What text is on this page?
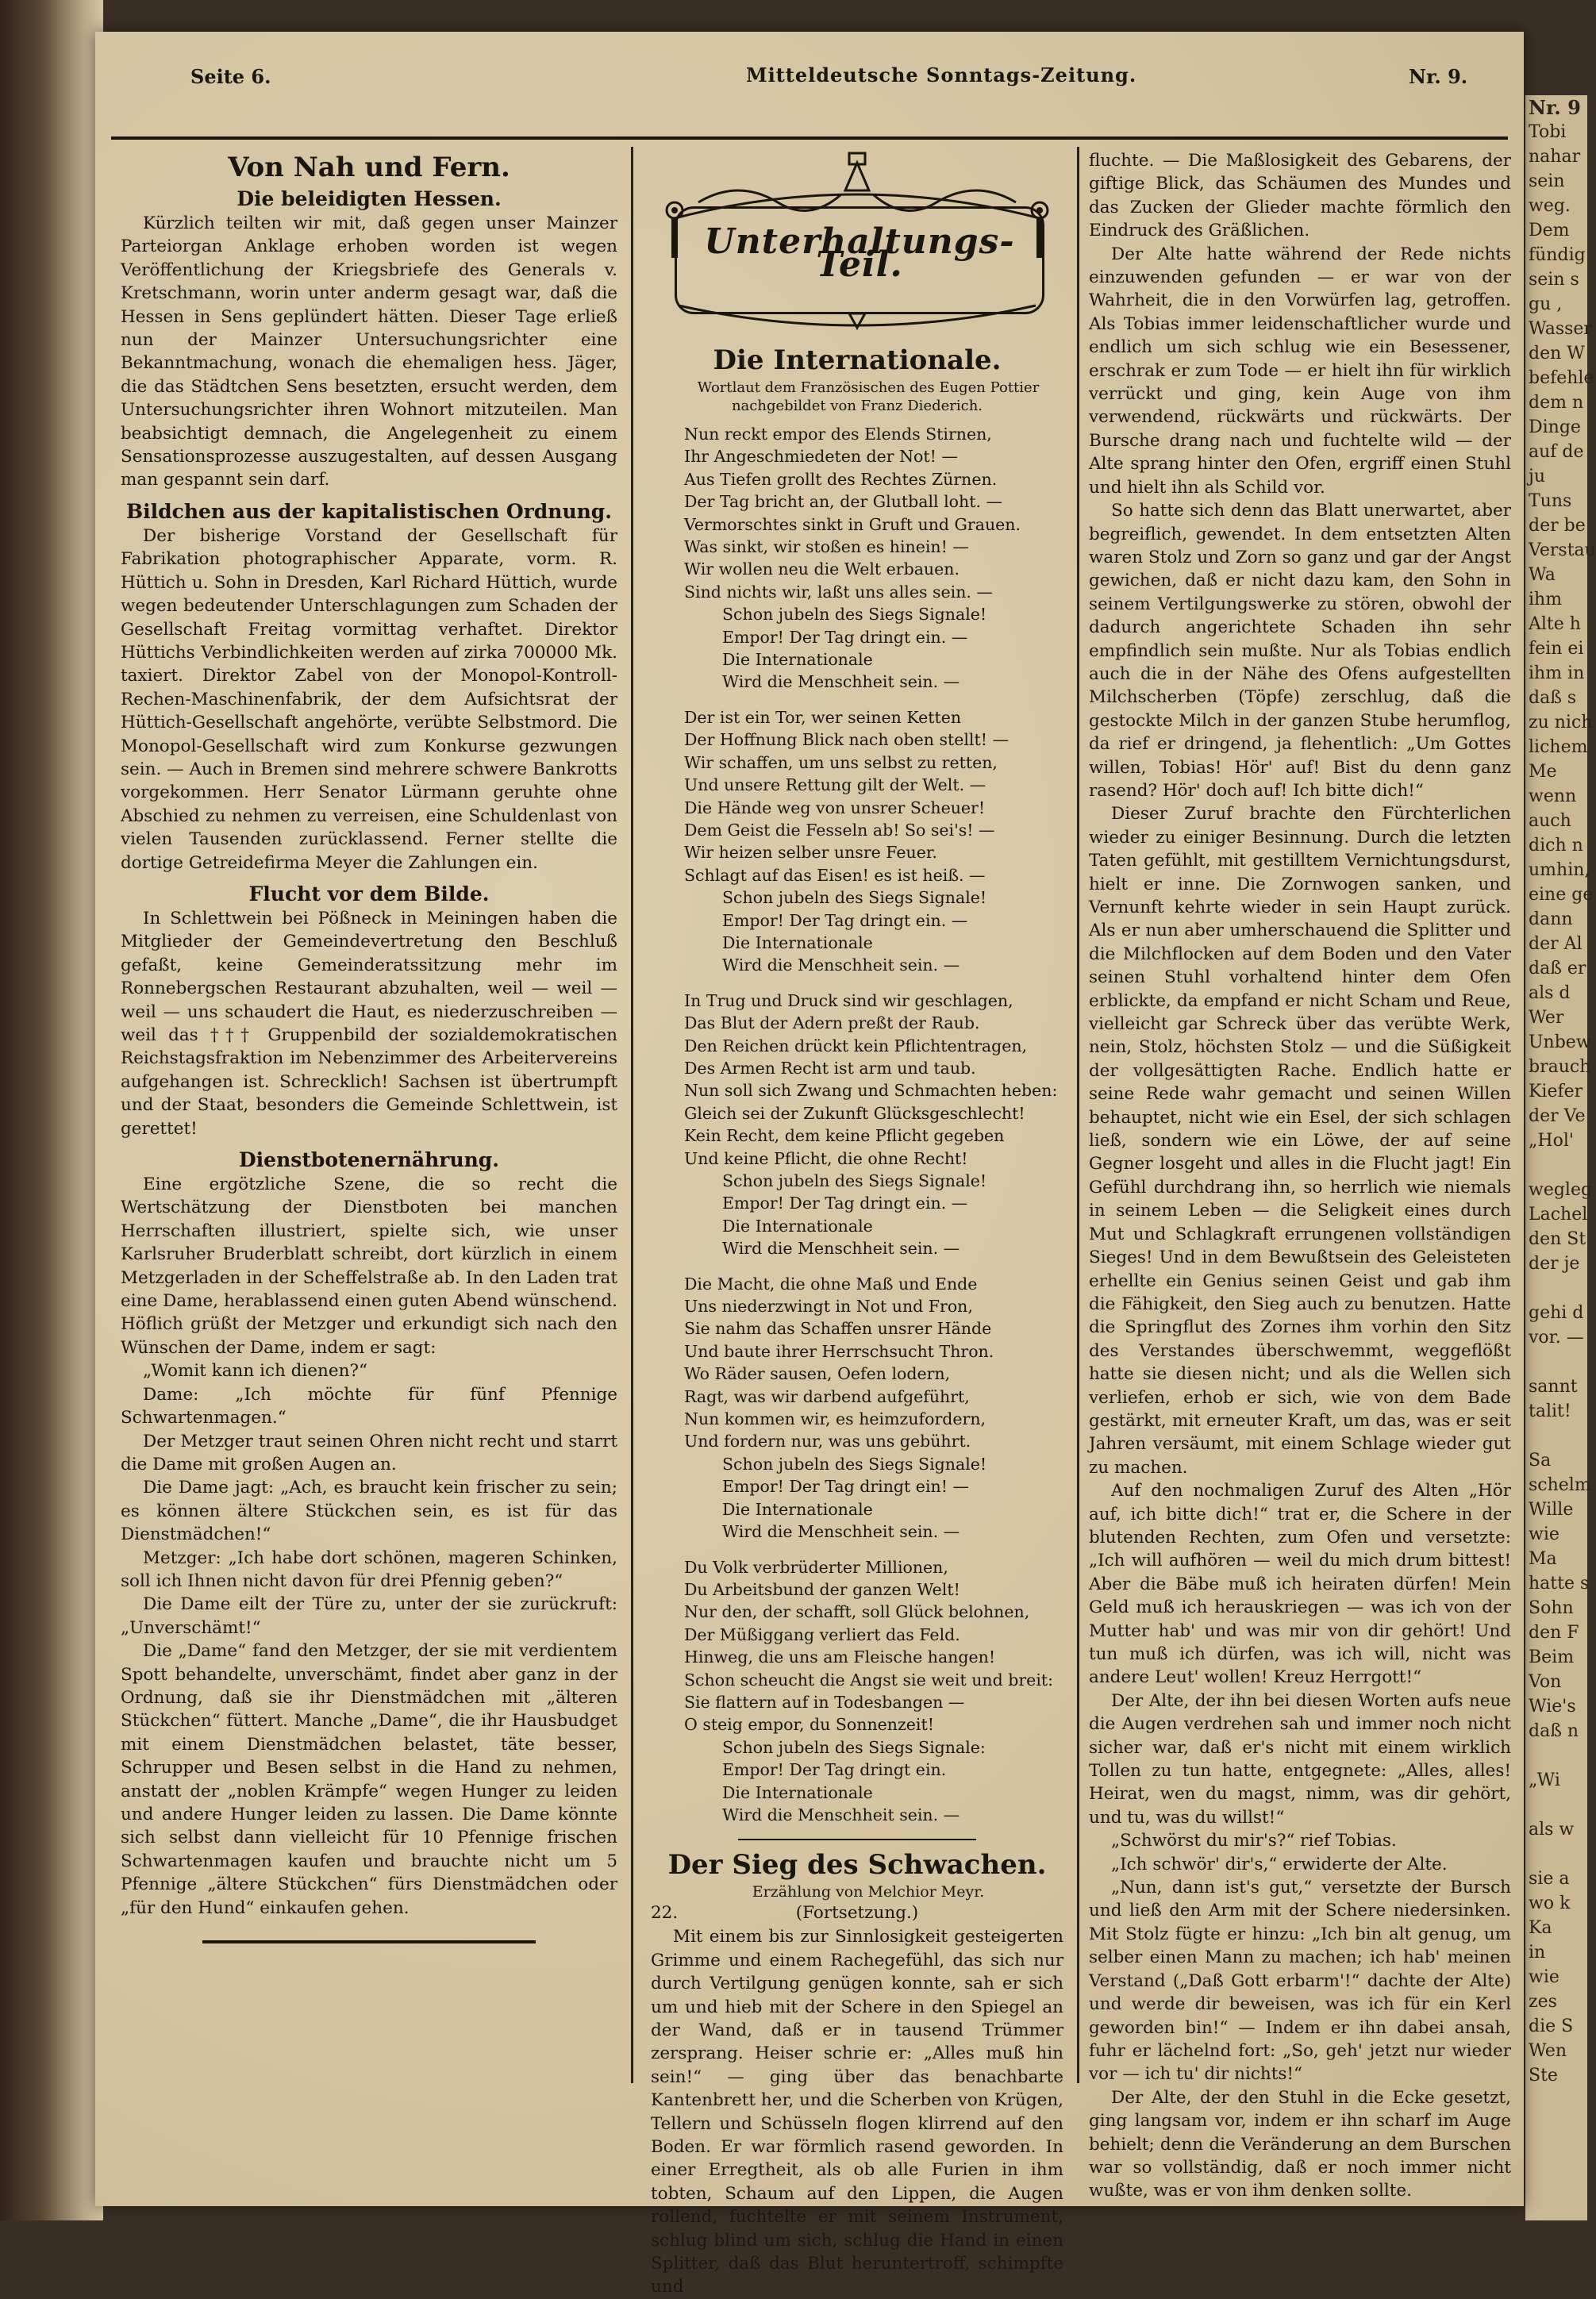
Nr. 9
Tobi
nahar
sein
weg.
Dem
fündig
sein s
gu ,
Wasser
den W
befehle
dem n
Dinge
auf de
ju
Tuns
der be
Verstau
Wa
ihm
Alte h
fein ei
ihm in
daß s
zu nich
lichem
Me
wenn
auch
dich n
umhin,
eine ge
dann
der Al
daß er
als d
Wer
Unbew
brauch
Kiefer
der Ve
„Hol'
wegleg
Lachel
den St
der je
gehi d
vor. —
sannt
talit!
Sa
schelm
Wille
wie
Ma
hatte s
Sohn
den F
Beim
Von
Wie's
daß n
„Wi
als w
sie a
wo k
Ka
in
wie
zes
die S
Wen
Ste
Seite 6.	Mitteldeutsche Sonntags-Zeitung.	Nr. 9.
Von Nah und Fern.
Die beleidigten Hessen.

Kürzlich teilten wir mit, daß gegen unser Mainzer Parteiorgan Anklage erhoben worden ist wegen Veröffentlichung der Kriegsbriefe des Generals v. Kretschmann, worin unter anderm gesagt war, daß die Hessen in Sens geplündert hätten. Dieser Tage erließ nun der Mainzer Untersuchungsrichter eine Bekanntmachung, wonach die ehemaligen hess. Jäger, die das Städtchen Sens besetzten, ersucht werden, dem Untersuchungsrichter ihren Wohnort mitzuteilen. Man beabsichtigt demnach, die Angelegenheit zu einem Sensationsprozesse auszugestalten, auf dessen Ausgang man gespannt sein darf.

Bildchen aus der kapitalistischen Ordnung.

Der bisherige Vorstand der Gesellschaft für Fabrikation photographischer Apparate, vorm. R. Hüttich u. Sohn in Dresden, Karl Richard Hüttich, wurde wegen bedeutender Unterschlagungen zum Schaden der Gesellschaft Freitag vormittag verhaftet. Direktor Hüttichs Verbindlichkeiten werden auf zirka 700000 Mk. taxiert. Direktor Zabel von der Monopol-Kontroll-Rechen-Maschinenfabrik, der dem Aufsichtsrat der Hüttich-Gesellschaft angehörte, verübte Selbstmord. Die Monopol-Gesellschaft wird zum Konkurse gezwungen sein. — Auch in Bremen sind mehrere schwere Bankrotts vorgekommen. Herr Senator Lürmann geruhte ohne Abschied zu nehmen zu verreisen, eine Schuldenlast von vielen Tausenden zurücklassend. Ferner stellte die dortige Getreidefirma Meyer die Zahlungen ein.

Flucht vor dem Bilde.

In Schlettwein bei Pößneck in Meiningen haben die Mitglieder der Gemeindevertretung den Beschluß gefaßt, keine Gemeinderatssitzung mehr im Ronnebergschen Restaurant abzuhalten, weil — weil — weil — uns schaudert die Haut, es niederzuschreiben — weil das ††† Gruppenbild der sozialdemokratischen Reichstagsfraktion im Nebenzimmer des Arbeitervereins aufgehangen ist. Schrecklich! Sachsen ist übertrumpft und der Staat, besonders die Gemeinde Schlettwein, ist gerettet!

Dienstbotenernährung.

Eine ergötzliche Szene, die so recht die Wertschätzung der Dienstboten bei manchen Herrschaften illustriert, spielte sich, wie unser Karlsruher Bruderblatt schreibt, dort kürzlich in einem Metzgerladen in der Scheffelstraße ab. In den Laden trat eine Dame, herablassend einen guten Abend wünschend. Höflich grüßt der Metzger und erkundigt sich nach den Wünschen der Dame, indem er sagt:

„Womit kann ich dienen?“

Dame: „Ich möchte für fünf Pfennige Schwartenmagen.“

Der Metzger traut seinen Ohren nicht recht und starrt die Dame mit großen Augen an.

Die Dame jagt: „Ach, es braucht kein frischer zu sein; es können ältere Stückchen sein, es ist für das Dienstmädchen!“

Metzger: „Ich habe dort schönen, mageren Schinken, soll ich Ihnen nicht davon für drei Pfennig geben?“

Die Dame eilt der Türe zu, unter der sie zurückruft: „Unverschämt!“

Die „Dame“ fand den Metzger, der sie mit verdientem Spott behandelte, unverschämt, findet aber ganz in der Ordnung, daß sie ihr Dienstmädchen mit „älteren Stückchen“ füttert. Manche „Dame“, die ihr Hausbudget mit einem Dienstmädchen belastet, täte besser, Schrupper und Besen selbst in die Hand zu nehmen, anstatt der „noblen Krämpfe“ wegen Hunger zu leiden und andere Hunger leiden zu lassen. Die Dame könnte sich selbst dann vielleicht für 10 Pfennige frischen Schwartenmagen kaufen und brauchte nicht um 5 Pfennige „ältere Stückchen“ fürs Dienstmädchen oder „für den Hund“ einkaufen gehen.

Unterhaltungs-Teil.
Die Internationale.

Wortlaut dem Französischen des Eugen Pottier nachgebildet von Franz Diederich.

Nun reckt empor des Elends Stirnen,
Ihr Angeschmiedeten der Not! —
Aus Tiefen grollt des Rechtes Zürnen.
Der Tag bricht an, der Glutball loht. —
Vermorschtes sinkt in Gruft und Grauen.
Was sinkt, wir stoßen es hinein! —
Wir wollen neu die Welt erbauen.
Sind nichts wir, laßt uns alles sein. —
Schon jubeln des Siegs Signale!
Empor! Der Tag dringt ein. —
Die Internationale
Wird die Menschheit sein. —
Der ist ein Tor, wer seinen Ketten
Der Hoffnung Blick nach oben stellt! —
Wir schaffen, um uns selbst zu retten,
Und unsere Rettung gilt der Welt. —
Die Hände weg von unsrer Scheuer!
Dem Geist die Fesseln ab! So sei's! —
Wir heizen selber unsre Feuer.
Schlagt auf das Eisen! es ist heiß. —
Schon jubeln des Siegs Signale!
Empor! Der Tag dringt ein. —
Die Internationale
Wird die Menschheit sein. —
In Trug und Druck sind wir geschlagen,
Das Blut der Adern preßt der Raub.
Den Reichen drückt kein Pflichtentragen,
Des Armen Recht ist arm und taub.
Nun soll sich Zwang und Schmachten heben:
Gleich sei der Zukunft Glücksgeschlecht!
Kein Recht, dem keine Pflicht gegeben
Und keine Pflicht, die ohne Recht!
Schon jubeln des Siegs Signale!
Empor! Der Tag dringt ein. —
Die Internationale
Wird die Menschheit sein. —
Die Macht, die ohne Maß und Ende
Uns niederzwingt in Not und Fron,
Sie nahm das Schaffen unsrer Hände
Und baute ihrer Herrschsucht Thron.
Wo Räder sausen, Oefen lodern,
Ragt, was wir darbend aufgeführt,
Nun kommen wir, es heimzufordern,
Und fordern nur, was uns gebührt.
Schon jubeln des Siegs Signale!
Empor! Der Tag dringt ein! —
Die Internationale
Wird die Menschheit sein. —
Du Volk verbrüderter Millionen,
Du Arbeitsbund der ganzen Welt!
Nur den, der schafft, soll Glück belohnen,
Der Müßiggang verliert das Feld.
Hinweg, die uns am Fleische hangen!
Schon scheucht die Angst sie weit und breit:
Sie flattern auf in Todesbangen —
O steig empor, du Sonnenzeit!
Schon jubeln des Siegs Signale:
Empor! Der Tag dringt ein.
Die Internationale
Wird die Menschheit sein. —
Der Sieg des Schwachen.

Erzählung von Melchior Meyr.

22.	(Fortsetzung.)

Mit einem bis zur Sinnlosigkeit gesteigerten Grimme und einem Rachegefühl, das sich nur durch Vertilgung genügen konnte, sah er sich um und hieb mit der Schere in den Spiegel an der Wand, daß er in tausend Trümmer zersprang. Heiser schrie er: „Alles muß hin sein!“ — ging über das benachbarte Kantenbrett her, und die Scherben von Krügen, Tellern und Schüsseln flogen klirrend auf den Boden. Er war förmlich rasend geworden. In einer Erregtheit, als ob alle Furien in ihm tobten, Schaum auf den Lippen, die Augen rollend, fuchtelte er mit seinem Instrument, schlug blind um sich, schlug die Hand in einen Splitter, daß das Blut heruntertroff, schimpfte und

fluchte. — Die Maßlosigkeit des Gebarens, der giftige Blick, das Schäumen des Mundes und das Zucken der Glieder machte förmlich den Eindruck des Gräßlichen.

Der Alte hatte während der Rede nichts einzuwenden gefunden — er war von der Wahrheit, die in den Vorwürfen lag, getroffen. Als Tobias immer leidenschaftlicher wurde und endlich um sich schlug wie ein Besessener, erschrak er zum Tode — er hielt ihn für wirklich verrückt und ging, kein Auge von ihm verwendend, rückwärts und rückwärts. Der Bursche drang nach und fuchtelte wild — der Alte sprang hinter den Ofen, ergriff einen Stuhl und hielt ihn als Schild vor.

So hatte sich denn das Blatt unerwartet, aber begreiflich, gewendet. In dem entsetzten Alten waren Stolz und Zorn so ganz und gar der Angst gewichen, daß er nicht dazu kam, den Sohn in seinem Vertilgungswerke zu stören, obwohl der dadurch angerichtete Schaden ihn sehr empfindlich sein mußte. Nur als Tobias endlich auch die in der Nähe des Ofens aufgestellten Milchscherben (Töpfe) zerschlug, daß die gestockte Milch in der ganzen Stube herumflog, da rief er dringend, ja flehentlich: „Um Gottes willen, Tobias! Hör' auf! Bist du denn ganz rasend? Hör' doch auf! Ich bitte dich!“

Dieser Zuruf brachte den Fürchterlichen wieder zu einiger Besinnung. Durch die letzten Taten gefühlt, mit gestilltem Vernichtungsdurst, hielt er inne. Die Zornwogen sanken, und Vernunft kehrte wieder in sein Haupt zurück. Als er nun aber umherschauend die Splitter und die Milchflocken auf dem Boden und den Vater seinen Stuhl vorhaltend hinter dem Ofen erblickte, da empfand er nicht Scham und Reue, vielleicht gar Schreck über das verübte Werk, nein, Stolz, höchsten Stolz — und die Süßigkeit der vollgesättigten Rache. Endlich hatte er seine Rede wahr gemacht und seinen Willen behauptet, nicht wie ein Esel, der sich schlagen ließ, sondern wie ein Löwe, der auf seine Gegner losgeht und alles in die Flucht jagt! Ein Gefühl durchdrang ihn, so herrlich wie niemals in seinem Leben — die Seligkeit eines durch Mut und Schlagkraft errungenen vollständigen Sieges! Und in dem Bewußtsein des Geleisteten erhellte ein Genius seinen Geist und gab ihm die Fähigkeit, den Sieg auch zu benutzen. Hatte die Springflut des Zornes ihm vorhin den Sitz des Verstandes überschwemmt, weggeflößt hatte sie diesen nicht; und als die Wellen sich verliefen, erhob er sich, wie von dem Bade gestärkt, mit erneuter Kraft, um das, was er seit Jahren versäumt, mit einem Schlage wieder gut zu machen.

Auf den nochmaligen Zuruf des Alten „Hör auf, ich bitte dich!“ trat er, die Schere in der blutenden Rechten, zum Ofen und versetzte: „Ich will aufhören — weil du mich drum bittest! Aber die Bäbe muß ich heiraten dürfen! Mein Geld muß ich herauskriegen — was ich von der Mutter hab' und was mir von dir gehört! Und tun muß ich dürfen, was ich will, nicht was andere Leut' wollen! Kreuz Herrgott!“

Der Alte, der ihn bei diesen Worten aufs neue die Augen verdrehen sah und immer noch nicht sicher war, daß er's nicht mit einem wirklich Tollen zu tun hatte, entgegnete: „Alles, alles! Heirat, wen du magst, nimm, was dir gehört, und tu, was du willst!“

„Schwörst du mir's?“ rief Tobias.

„Ich schwör' dir's,“ erwiderte der Alte.

„Nun, dann ist's gut,“ versetzte der Bursch und ließ den Arm mit der Schere niedersinken. Mit Stolz fügte er hinzu: „Ich bin alt genug, um selber einen Mann zu machen; ich hab' meinen Verstand („Daß Gott erbarm'!“ dachte der Alte) und werde dir beweisen, was ich für ein Kerl geworden bin!“ — Indem er ihn dabei ansah, fuhr er lächelnd fort: „So, geh' jetzt nur wieder vor — ich tu' dir nichts!“

Der Alte, der den Stuhl in die Ecke gesetzt, ging langsam vor, indem er ihn scharf im Auge behielt; denn die Veränderung an dem Burschen war so vollständig, daß er noch immer nicht wußte, was er von ihm denken sollte.
